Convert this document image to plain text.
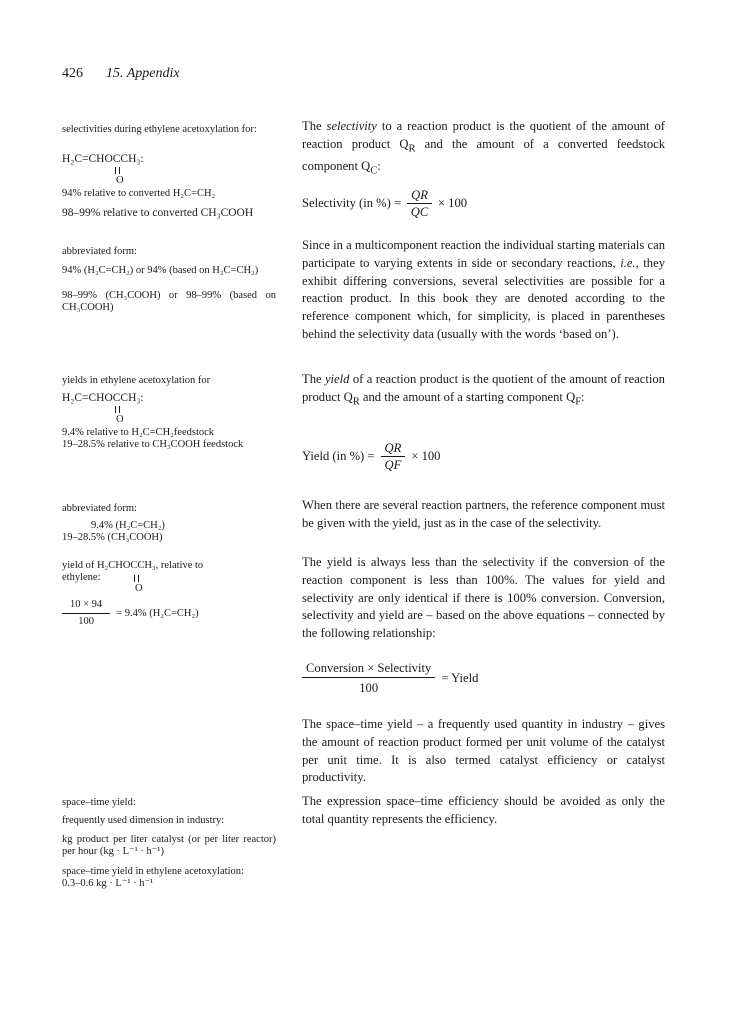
426 15. Appendix
selectivities during ethylene acetoxylation for:
H₂C=CHOCCH₃:
O
94% relative to converted H₂C=CH₂
98–99% relative to converted CH₃COOH
abbreviated form:
94% (H₂C=CH₂) or 94% (based on H₂C=CH₂)
98–99% (CH₃COOH) or 98–99% (based on CH₃COOH)
yields in ethylene acetoxylation for
H₂C=CHOCCH₃:
O
9.4% relative to H₂C=CH₂feedstock
19–28.5% relative to CH₃COOH feedstock
abbreviated form:
9.4% (H₂C=CH₂)
19–28.5% (CH₃COOH)
yield of H₂CHOCCH₃, relative to ethylene:
O
$\frac{10 \times 94}{100} = 9.4\%$ (H₂C=CH₂)
space–time yield:
frequently used dimension in industry:
kg product per liter catalyst (or per liter reactor) per hour (kg · L⁻¹ · h⁻¹)
space–time yield in ethylene acetoxylation:
0.3–0.6 kg · L⁻¹ · h⁻¹

The selectivity to a reaction product is the quotient of the amount of reaction product $Q_R$ and the amount of a converted feedstock component $Q_C$:

Selectivity (in %) = $\frac{QR}{QC} \times 100$

Since in a multicomponent reaction the individual starting materials can participate to varying extents in side or secondary reactions, i.e., they exhibit differing conversions, several selectivities are possible for a reaction product. In this book they are denoted according to the reference component which, for simplicity, is placed in parentheses behind the selectivity data (usually with the words ‘based on’).

The yield of a reaction product is the quotient of the amount of reaction product $Q_R$ and the amount of a starting component $Q_F$:

Yield (in %) = $\frac{QR}{QF} \times 100$

When there are several reaction partners, the reference component must be given with the yield, just as in the case of the selectivity.

The yield is always less than the selectivity if the conversion of the reaction component is less than 100%. The values for yield and selectivity are only identical if there is 100% conversion. Conversion, selectivity and yield are – based on the above equations – connected by the following relationship:

$\frac{\text{Conversion × Selectivity}}{100}$ = Yield

The space–time yield – a frequently used quantity in industry – gives the amount of reaction product formed per unit volume of the catalyst per unit time. It is also termed catalyst efficiency or catalyst productivity.

The expression space–time efficiency should be avoided as only the total quantity represents the efficiency.
